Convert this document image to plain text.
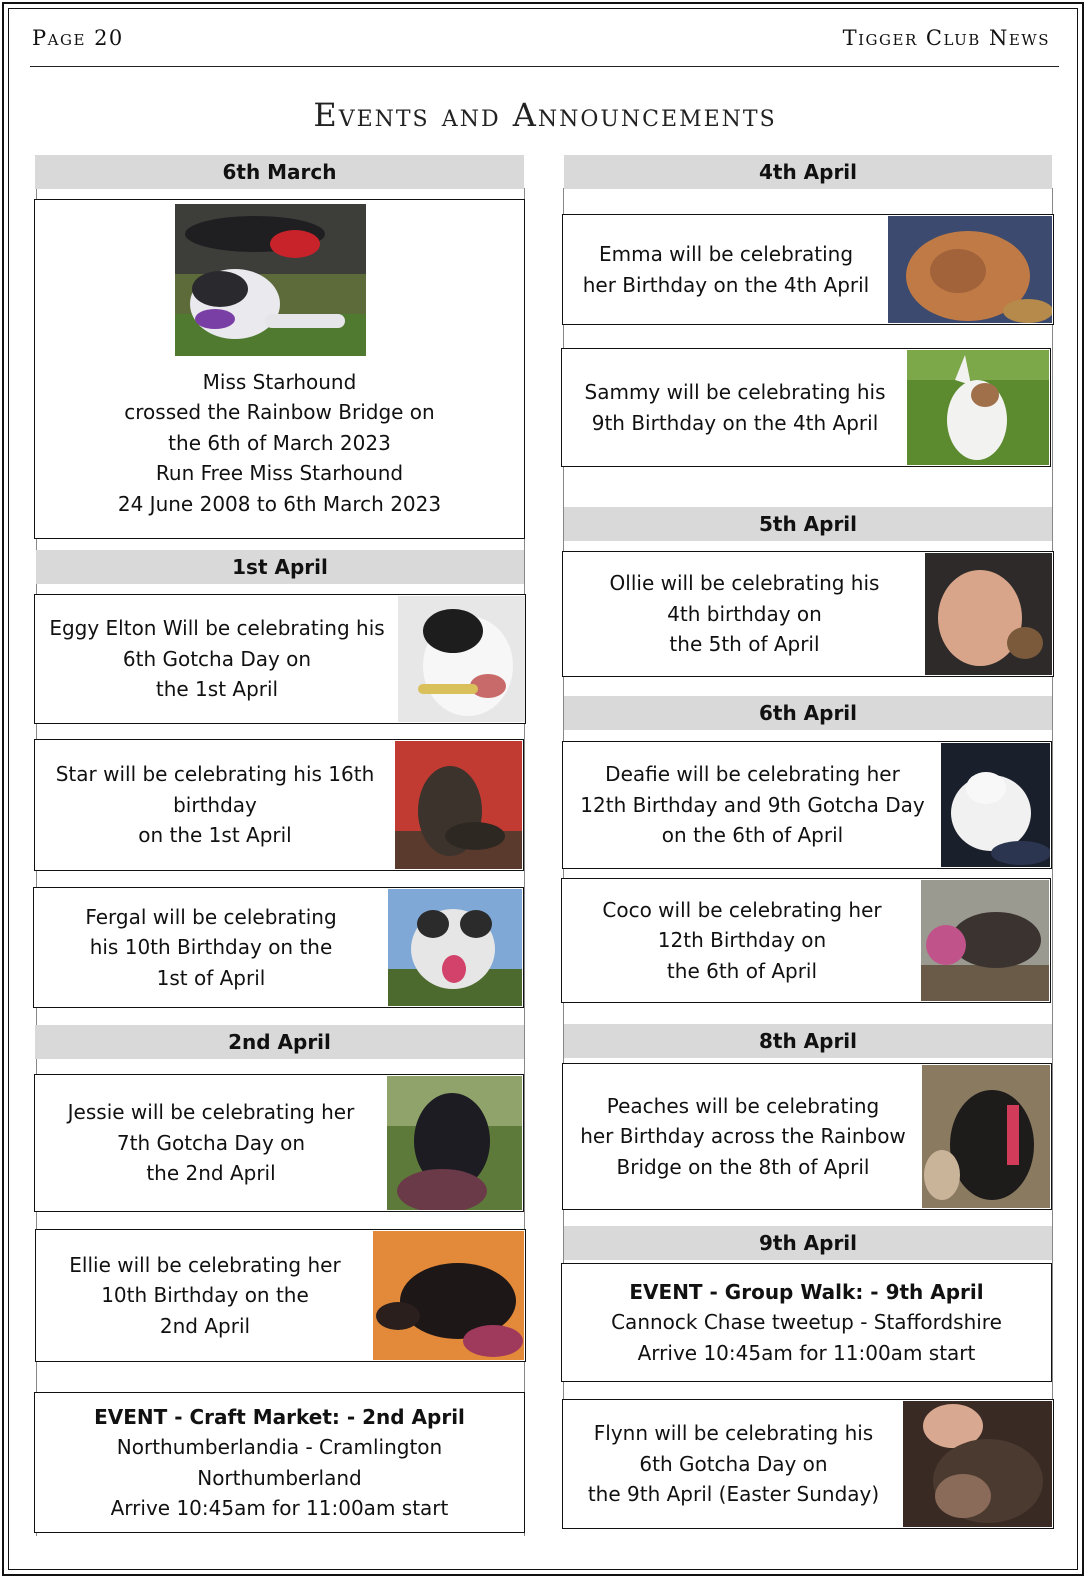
Page 20	Tigger Club News
Events and Announcements
6th March
Miss Starhound
crossed the Rainbow Bridge on
the 6th of March 2023
Run Free Miss Starhound
24 June 2008 to 6th March 2023
1st April
Eggy Elton Will be celebrating his
6th Gotcha Day on
the 1st April
Star will be celebrating his 16th
birthday
on the 1st April
Fergal will be celebrating
his 10th Birthday on the
1st of April
2nd April
Jessie will be celebrating her
7th Gotcha Day on
the 2nd April
Ellie will be celebrating her
10th Birthday on the
2nd April
EVENT - Craft Market: - 2nd April
Northumberlandia - Cramlington
Northumberland
Arrive 10:45am for 11:00am start
4th April
Emma will be celebrating
her Birthday on the 4th April
Sammy will be celebrating his
9th Birthday on the 4th April
5th April
Ollie will be celebrating his
4th birthday on
the 5th of April
6th April
Deafie will be celebrating her
12th Birthday and 9th Gotcha Day
on the 6th of April
Coco will be celebrating her
12th Birthday on
the 6th of April
8th April
Peaches will be celebrating
her Birthday across the Rainbow
Bridge on the 8th of April
9th April
EVENT - Group Walk: - 9th April
Cannock Chase tweetup - Staffordshire
Arrive 10:45am for 11:00am start
Flynn will be celebrating his
6th Gotcha Day on
the 9th April (Easter Sunday)
